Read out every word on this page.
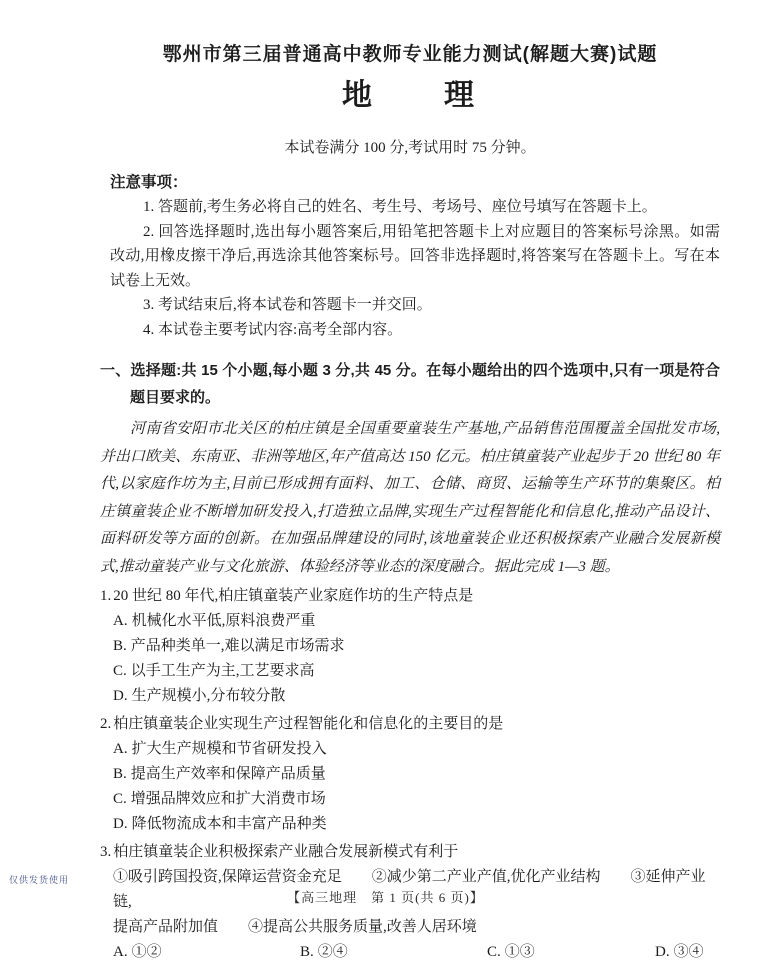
鄂州市第三届普通高中教师专业能力测试(解题大赛)试题
地　　理
本试卷满分 100 分,考试用时 75 分钟。
注意事项：
1. 答题前,考生务必将自己的姓名、考生号、考场号、座位号填写在答题卡上。
2. 回答选择题时,选出每小题答案后,用铅笔把答题卡上对应题目的答案标号涂黑。如需改动,用橡皮擦干净后,再选涂其他答案标号。回答非选择题时,将答案写在答题卡上。写在本试卷上无效。
3. 考试结束后,将本试卷和答题卡一并交回。
4. 本试卷主要考试内容:高考全部内容。
一、选择题:共 15 个小题,每小题 3 分,共 45 分。在每小题给出的四个选项中,只有一项是符合题目要求的。
河南省安阳市北关区的柏庄镇是全国重要童装生产基地,产品销售范围覆盖全国批发市场,并出口欧美、东南亚、非洲等地区,年产值高达 150 亿元。柏庄镇童装产业起步于 20 世纪 80 年代,以家庭作坊为主,目前已形成拥有面料、加工、仓储、商贸、运输等生产环节的集聚区。柏庄镇童装企业不断增加研发投入,打造独立品牌,实现生产过程智能化和信息化,推动产品设计、面料研发等方面的创新。在加强品牌建设的同时,该地童装企业还积极探索产业融合发展新模式,推动童装产业与文化旅游、体验经济等业态的深度融合。据此完成 1—3 题。
1. 20 世纪 80 年代,柏庄镇童装产业家庭作坊的生产特点是
A. 机械化水平低,原料浪费严重
B. 产品种类单一,难以满足市场需求
C. 以手工生产为主,工艺要求高
D. 生产规模小,分布较分散
2. 柏庄镇童装企业实现生产过程智能化和信息化的主要目的是
A. 扩大生产规模和节省研发投入
B. 提高生产效率和保障产品质量
C. 增强品牌效应和扩大消费市场
D. 降低物流成本和丰富产品种类
3. 柏庄镇童装企业积极探索产业融合发展新模式有利于
①吸引跨国投资,保障运营资金充足　　②减少第二产业产值,优化产业结构　　③延伸产业链,
提高产品附加值　　④提高公共服务质量,改善人居环境
A. ①②	B. ②④	C. ①③	D. ③④
仅供发货使用
【高三地理　第 1 页(共 6 页)】
